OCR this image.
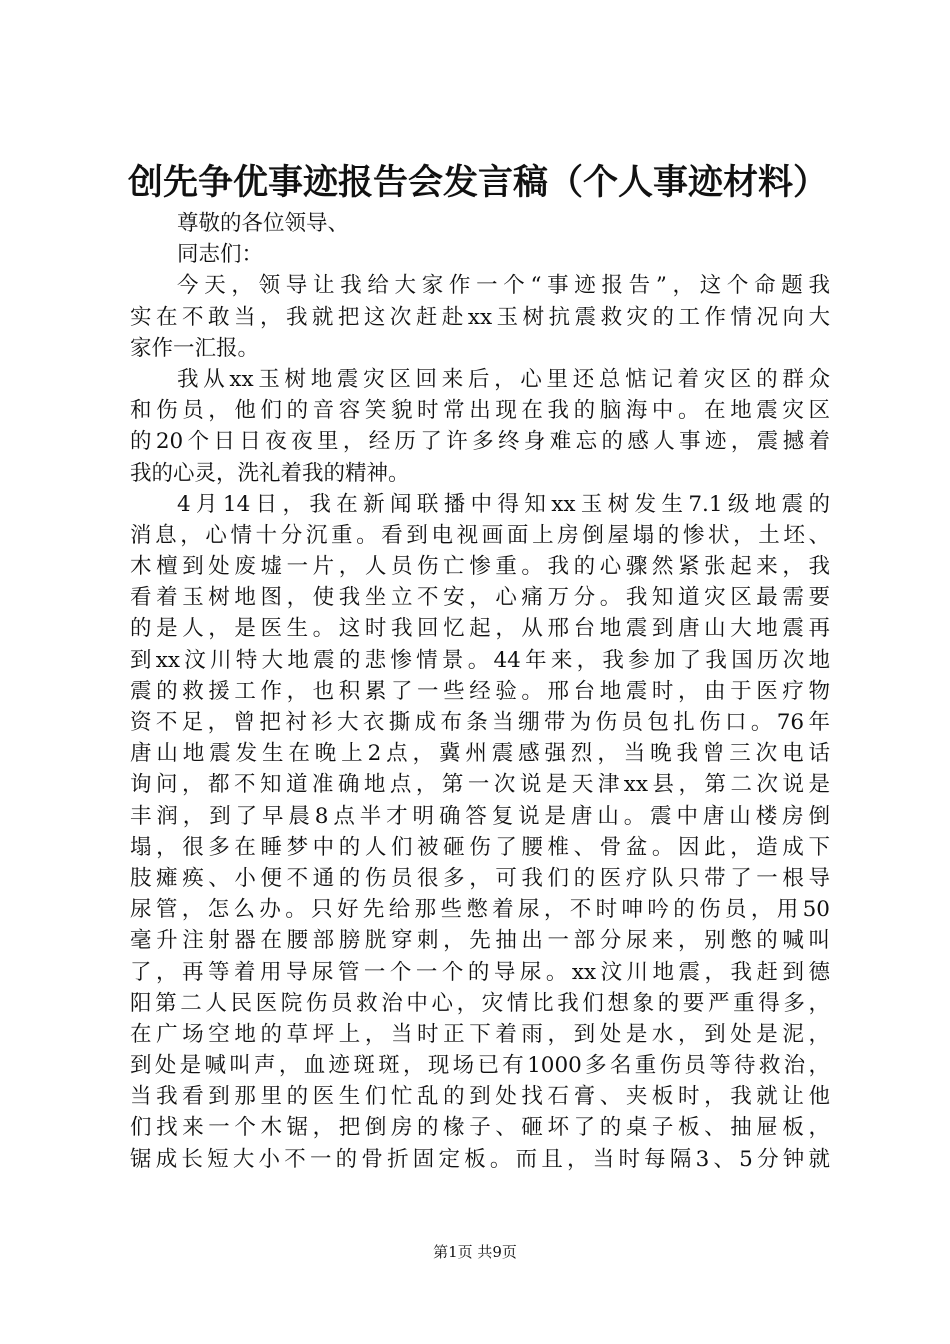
创先争优事迹报告会发言稿（个人事迹材料）
尊敬的各位领导、
同志们：
今天，领导让我给大家作一个“事迹报告”，这个命题我
实在不敢当，我就把这次赶赴xx玉树抗震救灾的工作情况向大
家作一汇报。
我从xx玉树地震灾区回来后，心里还总惦记着灾区的群众
和伤员，他们的音容笑貌时常出现在我的脑海中。在地震灾区
的20个日日夜夜里，经历了许多终身难忘的感人事迹，震撼着
我的心灵，洗礼着我的精神。
4月14日，我在新闻联播中得知xx玉树发生7.1级地震的
消息，心情十分沉重。看到电视画面上房倒屋塌的惨状，土坯、
木檀到处废墟一片，人员伤亡惨重。我的心骤然紧张起来，我
看着玉树地图，使我坐立不安，心痛万分。我知道灾区最需要
的是人，是医生。这时我回忆起，从邢台地震到唐山大地震再
到xx汶川特大地震的悲惨情景。44年来，我参加了我国历次地
震的救援工作，也积累了一些经验。邢台地震时，由于医疗物
资不足，曾把衬衫大衣撕成布条当绷带为伤员包扎伤口。76年
唐山地震发生在晚上2点，冀州震感强烈，当晚我曾三次电话
询问，都不知道准确地点，第一次说是天津xx县，第二次说是
丰润，到了早晨8点半才明确答复说是唐山。震中唐山楼房倒
塌，很多在睡梦中的人们被砸伤了腰椎、骨盆。因此，造成下
肢瘫痪、小便不通的伤员很多，可我们的医疗队只带了一根导
尿管，怎么办。只好先给那些憋着尿，不时呻吟的伤员，用50
毫升注射器在腰部膀胱穿刺，先抽出一部分尿来，别憋的喊叫
了，再等着用导尿管一个一个的导尿。xx汶川地震，我赶到德
阳第二人民医院伤员救治中心，灾情比我们想象的要严重得多，
在广场空地的草坪上，当时正下着雨，到处是水，到处是泥，
到处是喊叫声，血迹斑斑，现场已有1000多名重伤员等待救治，
当我看到那里的医生们忙乱的到处找石膏、夹板时，我就让他
们找来一个木锯，把倒房的椽子、砸坏了的桌子板、抽屉板，
锯成长短大小不一的骨折固定板。而且，当时每隔3、5分钟就
第1页 共9页
